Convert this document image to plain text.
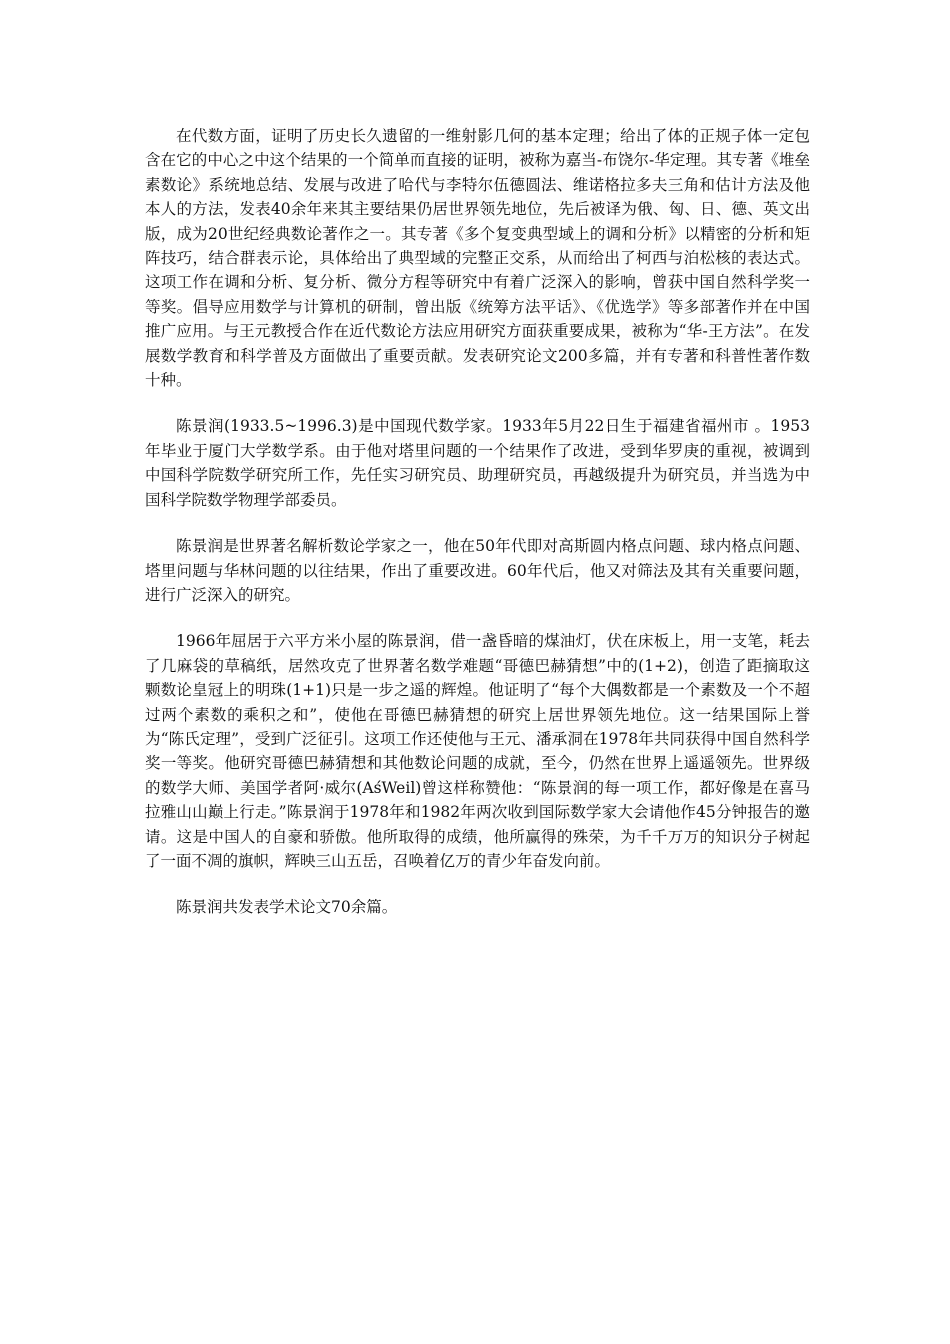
在代数方面，证明了历史长久遗留的一维射影几何的基本定理；给出了体的正规子体一定包含在它的中心之中这个结果的一个简单而直接的证明，被称为嘉当-布饶尔-华定理。其专著《堆垒素数论》系统地总结、发展与改进了哈代与李特尔伍德圆法、维诺格拉多夫三角和估计方法及他本人的方法，发表40余年来其主要结果仍居世界领先地位，先后被译为俄、匈、日、德、英文出版，成为20世纪经典数论著作之一。其专著《多个复变典型域上的调和分析》以精密的分析和矩阵技巧，结合群表示论，具体给出了典型域的完整正交系，从而给出了柯西与泊松核的表达式。这项工作在调和分析、复分析、微分方程等研究中有着广泛深入的影响，曾获中国自然科学奖一等奖。倡导应用数学与计算机的研制，曾出版《统筹方法平话》、《优选学》等多部著作并在中国推广应用。与王元教授合作在近代数论方法应用研究方面获重要成果，被称为“华-王方法”。在发展数学教育和科学普及方面做出了重要贡献。发表研究论文200多篇，并有专著和科普性著作数十种。

陈景润(1933.5~1996.3)是中国现代数学家。1933年5月22日生于福建省福州市 。1953年毕业于厦门大学数学系。由于他对塔里问题的一个结果作了改进，受到华罗庚的重视，被调到中国科学院数学研究所工作，先任实习研究员、助理研究员，再越级提升为研究员，并当选为中国科学院数学物理学部委员。

陈景润是世界著名解析数论学家之一，他在50年代即对高斯圆内格点问题、球内格点问题、塔里问题与华林问题的以往结果，作出了重要改进。60年代后，他又对筛法及其有关重要问题，进行广泛深入的研究。

1966年屈居于六平方米小屋的陈景润，借一盏昏暗的煤油灯，伏在床板上，用一支笔，耗去了几麻袋的草稿纸，居然攻克了世界著名数学难题“哥德巴赫猜想”中的(1+2)，创造了距摘取这颗数论皇冠上的明珠(1+1)只是一步之遥的辉煌。他证明了“每个大偶数都是一个素数及一个不超过两个素数的乘积之和”，使他在哥德巴赫猜想的研究上居世界领先地位。这一结果国际上誉为“陈氏定理”，受到广泛征引。这项工作还使他与王元、潘承洞在1978年共同获得中国自然科学奖一等奖。他研究哥德巴赫猜想和其他数论问题的成就，至今，仍然在世界上遥遥领先。世界级的数学大师、美国学者阿·威尔(AśWeil)曾这样称赞他：“陈景润的每一项工作，都好像是在喜马拉雅山山巅上行走。”陈景润于1978年和1982年两次收到国际数学家大会请他作45分钟报告的邀请。这是中国人的自豪和骄傲。他所取得的成绩，他所赢得的殊荣，为千千万万的知识分子树起了一面不凋的旗帜，辉映三山五岳，召唤着亿万的青少年奋发向前。

陈景润共发表学术论文70余篇。
